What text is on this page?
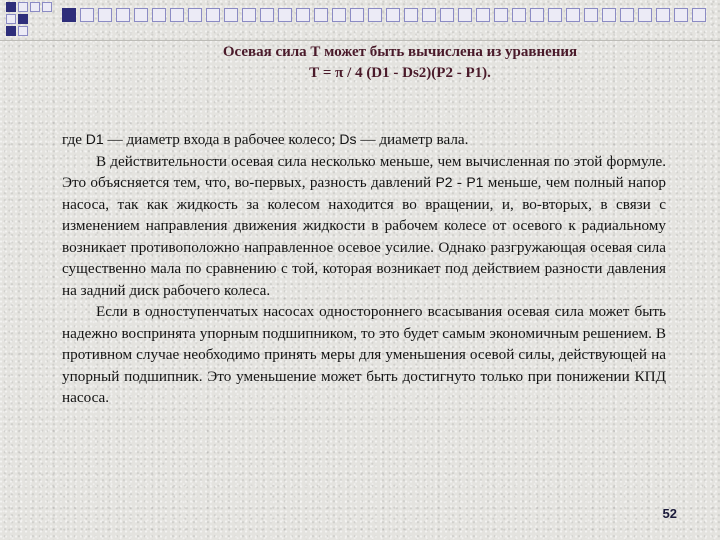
Осевая сила Т может быть вычислена из уравнения
Т = π / 4 (D1 - Ds2)(P2 - P1).

где D1 — диаметр входа в рабочее колесо; Ds — диаметр вала.

В действительности осевая сила несколько меньше, чем вычисленная по этой формуле. Это объясняется тем, что, во-первых, разность давлений Р2 - Р1 меньше, чем полный напор насоса, так как жидкость за колесом находится во вращении, и, во-вторых, в связи с изменением направления движения жидкости в рабочем колесе от осевого к радиальному возникает противоположно направленное осевое усилие. Однако разгружающая осевая сила существенно мала по сравнению с той, которая возникает под действием разности давления на задний диск рабочего колеса.

Если в одноступенчатых насосах одностороннего всасывания осевая сила может быть надежно воспринята упорным подшипником, то это будет самым экономичным решением. В противном случае необходимо принять меры для уменьшения осевой силы, действующей на упорный подшипник. Это уменьшение может быть достигнуто только при понижении КПД насоса.

52
